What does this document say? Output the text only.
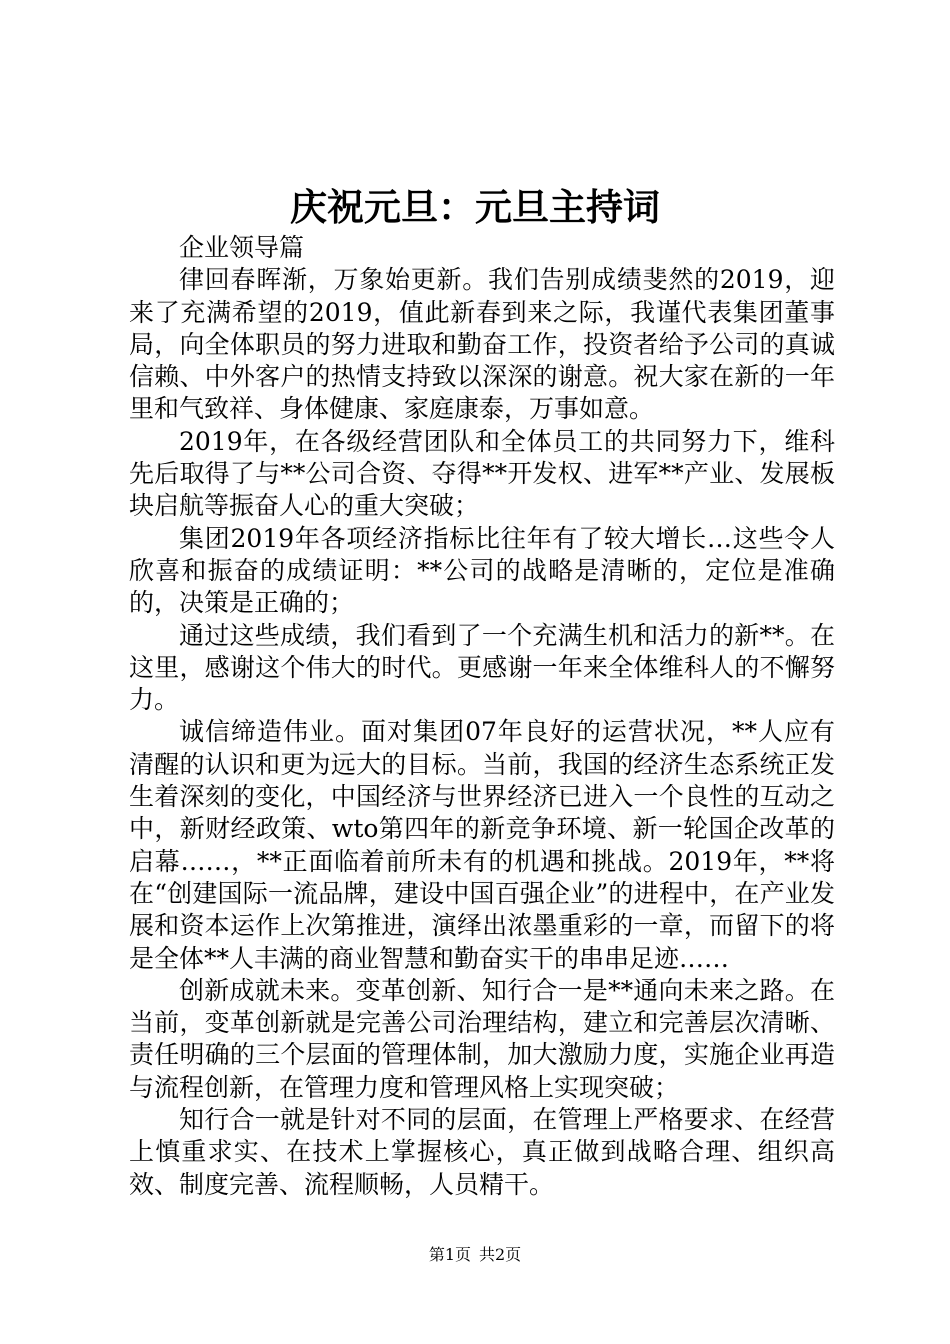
庆祝元旦：元旦主持词

企业领导篇

律回春晖渐，万象始更新。我们告别成绩斐然的2019，迎来了充满希望的2019，值此新春到来之际，我谨代表集团董事局，向全体职员的努力进取和勤奋工作，投资者给予公司的真诚信赖、中外客户的热情支持致以深深的谢意。祝大家在新的一年里和气致祥、身体健康、家庭康泰，万事如意。

2019年，在各级经营团队和全体员工的共同努力下，维科先后取得了与**公司合资、夺得**开发权、进军**产业、发展板块启航等振奋人心的重大突破；

集团2019年各项经济指标比往年有了较大增长…这些令人欣喜和振奋的成绩证明：**公司的战略是清晰的，定位是准确的，决策是正确的；

通过这些成绩，我们看到了一个充满生机和活力的新**。在这里，感谢这个伟大的时代。更感谢一年来全体维科人的不懈努力。

诚信缔造伟业。面对集团07年良好的运营状况，**人应有清醒的认识和更为远大的目标。当前，我国的经济生态系统正发生着深刻的变化，中国经济与世界经济已进入一个良性的互动之中，新财经政策、wto第四年的新竞争环境、新一轮国企改革的启幕……，**正面临着前所未有的机遇和挑战。2019年，**将在“创建国际一流品牌，建设中国百强企业”的进程中，在产业发展和资本运作上次第推进，演绎出浓墨重彩的一章，而留下的将是全体**人丰满的商业智慧和勤奋实干的串串足迹……

创新成就未来。变革创新、知行合一是**通向未来之路。在当前，变革创新就是完善公司治理结构，建立和完善层次清晰、责任明确的三个层面的管理体制，加大激励力度，实施企业再造与流程创新，在管理力度和管理风格上实现突破；

知行合一就是针对不同的层面，在管理上严格要求、在经营上慎重求实、在技术上掌握核心，真正做到战略合理、组织高效、制度完善、流程顺畅，人员精干。

第1页 共2页
